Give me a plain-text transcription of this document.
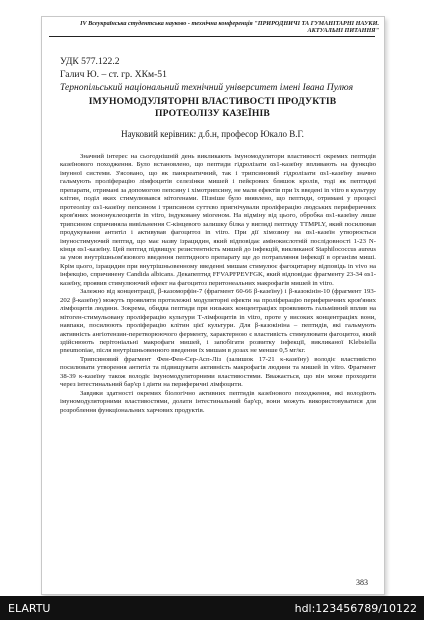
IV Всеукраїнська студентська науково - технічна конференція "ПРИРОДНИЧІ ТА ГУМАНІТАРНІ НАУКИ.
АКТУАЛЬНІ ПИТАННЯ"
УДК 577.122.2
Галич Ю. – ст. гр. ХКм-51
Тернопільський національний технічний університет імені Івана Пулюя
ІМУНОМОДУЛЯТОРНІ ВЛАСТИВОСТІ ПРОДУКТІВ
ПРОТЕОЛІЗУ КАЗЕЇНІВ
Науковий керівник: д.б.н, професор Юкало В.Г.

Значний інтерес на сьогоднішній день викликають імуномодулятори властивості окремих пептидів казеїнового походження. Було встановлено, що пептиди гідролізати αs1-казеїну впливають на функцію імунної системи. З'ясовано, що як панкреатичний, так і трипсиновий гідролізати αs1-казеїну значно гальмують проліферацію лімфоцитів селезінки мишей і пейєрових бляшок кролів, тоді як пептидні препарати, отримані за допомогою пепсину і хімотрипсину, не мали ефектів при їх введені in vitro в культуру клітин, поділ яких стимулювався мітогенами. Пізніше було виявлено, що пептиди, отримані у процесі протеолізу αs1-казеїну пепсином і трипсином суттєво пригнічували проліферацію людських периферичних кров'яних мононуклеоцитів in vitro, індуковану міогеном. На відміну від цього, обробка αs1-казеїну лише трипсином спричиняла вивільнення С-кінцевого залишку білка у вигляді пептиду TTMPLY, який посилював продукування антитіл і активував фагоцитоз in vitro. При дії хімозину на αs1-казеїн утворюється імуностимуючий пептид, що має назву ізрацидин, який відповідає амінокислотній послідовності 1-23 N-кінця αs1-казеїну. Цей пептид підвищує резистентність мишей до інфекцій, викликаної Staphilococcus aureus за умов внутрішньом'язового введення пептидного препарату ще до потрапляння інфекції в організм миші. Крім цього, ізрацидин при внутрішньовенному введенні мишам стимулює фагоцитарну відповідь in vivo на інфекцію, спричинену Candida albicans. Декапептид FFVAPFPEVFGK, який відповідає фрагменту 23-34 αs1-казеїну, проявив стимулюючий ефект на фагоцитоз перитонеальних макрофагів мишей in vitro.

Залежно від концентрації, β-казоморфін-7 (фрагмент 60-66 β-казеїну) і β-казокінін-10 (фрагмент 193-202 β-казеїну) можуть проявляти протилежні модуляторні ефекти на проліферацію периферичних кров'яних лімфоцитів людини. Зокрема, обидва пептиди при низьких концентраціях проявляють гальмівний вплив на мітоген-стимульовану проліферацію культури Т-лімфоцитів in vitro, проте у високих концентраціях вони, навпаки, посилюють проліферацію клітин цієї культури. Для β-казокініна – пептидів, які гальмують активність ангіотензин-перетворюючого ферменту, характерною є властивість стимулювати фагоцитоз, який здійснюють перітоніальні макрофаги мишей, і запобігати розвитку інфекції, викликаної Klebsiella pneumoniae, після внутрішньовенного введення їх мишам в дозах не менше 0,5 мг/кг.

Трипсиновий фрагмент Фен-Фен-Сер-Асп-Ліз (залишок 17-21 κ-казеїну) володіє властивістю посилювати утворення антитіл та підвищувати активність макрофагів людини та мишей in vitro. Фрагмент 38-39 κ-казеїну також володіє імуномодуляторними властивостями. Вважається, що він може проходити через інтестинальний бар'єр і діяти на периферичні лімфоцити.

Завдяки здатності окремих біологічно активних пептидів казеїнового походження, які володіють імуномодуляторними властивостями, долати інтестинальний бар'єр, вони можуть використовуватися для розроблення функціональних харчових продуктів.

383
ELARTU	hdl:123456789/10122
